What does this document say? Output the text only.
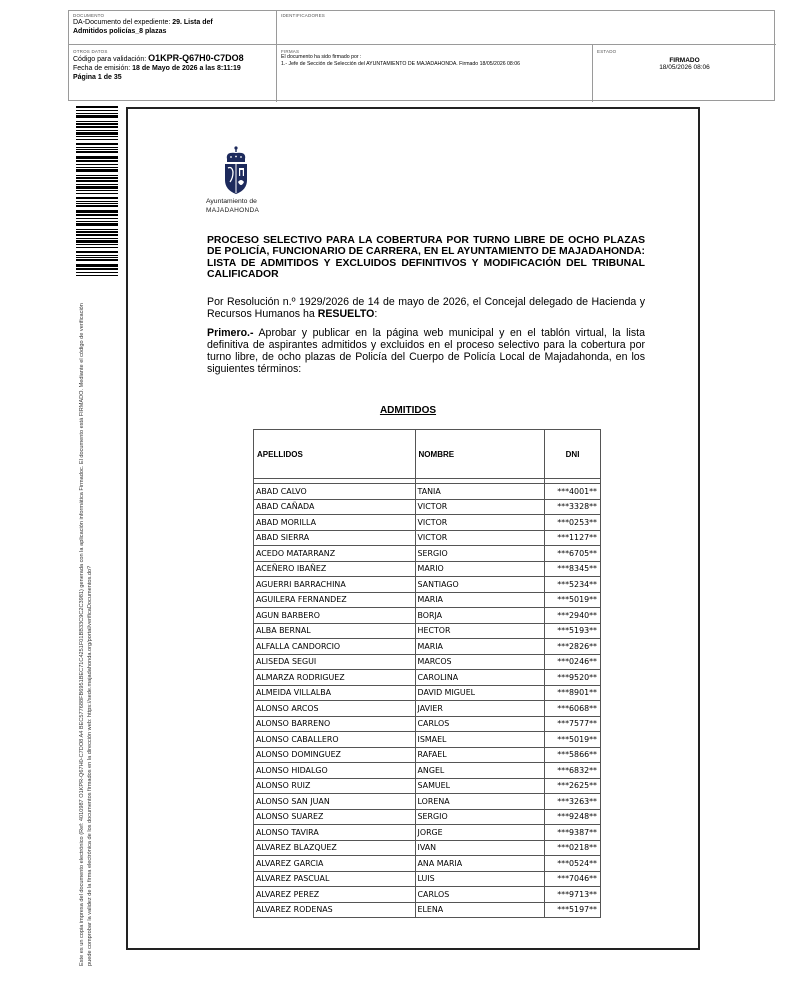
DOCUMENTO
DA-Documento del expediente: 29. Lista def
Admitidos policías_8 plazas
IDENTIFICADORES
OTROS DATOS
Código para validación: O1KPR-Q67H0-C7DO8
Fecha de emisión: 18 de Mayo de 2026 a las 8:11:19
Página 1 de 35
FIRMAS
El documento ha sido firmado por :
1.- Jefe de Sección de Selección del AYUNTAMIENTO DE MAJADAHONDA. Firmado 18/05/2026 08:06
ESTADO
FIRMADO
18/05/2026 08:06
Este es un copia impresa del documento electrónico (Ref: 4010987 O1KPR-Q67H0-C7DO8 A4 BEC577688FB6951BEC71C4251F01BB33C9C2C3981) generada con la aplicación informática Firmadoc. El documento está FIRMADO. Mediante el código de verificación puede comprobar la validez de la firma electrónica de los documentos firmados en la dirección web: https://sede.majadahonda.org/portal/verificaDocumentos.do?
Ayuntamiento de
MAJADAHONDA
PROCESO SELECTIVO PARA LA COBERTURA POR TURNO LIBRE DE OCHO PLAZAS DE POLICÍA, FUNCIONARIO DE CARRERA, EN EL AYUNTAMIENTO DE MAJADAHONDA: LISTA DE ADMITIDOS Y EXCLUIDOS DEFINITIVOS Y MODIFICACIÓN DEL TRIBUNAL CALIFICADOR
Por Resolución n.º 1929/2026 de 14 de mayo de 2026, el Concejal delegado de Hacienda y Recursos Humanos ha RESUELTO:
Primero.- Aprobar y publicar en la página web municipal y en el tablón virtual, la lista definitiva de aspirantes admitidos y excluidos en el proceso selectivo para la cobertura por turno libre, de ocho plazas de Policía del Cuerpo de Policía Local de Majadahonda, en los siguientes términos:
ADMITIDOS
APELLIDOS	NOMBRE	DNI

ABAD CALVO	TANIA	***4001**
ABAD CAÑADA	VICTOR	***3328**
ABAD MORILLA	VICTOR	***0253**
ABAD SIERRA	VICTOR	***1127**
ACEDO MATARRANZ	SERGIO	***6705**
ACEÑERO IBAÑEZ	MARIO	***8345**
AGUERRI BARRACHINA	SANTIAGO	***5234**
AGUILERA FERNANDEZ	MARIA	***5019**
AGUN BARBERO	BORJA	***2940**
ALBA BERNAL	HECTOR	***5193**
ALFALLA CANDORCIO	MARIA	***2826**
ALISEDA SEGUI	MARCOS	***0246**
ALMARZA RODRIGUEZ	CAROLINA	***9520**
ALMEIDA VILLALBA	DAVID MIGUEL	***8901**
ALONSO ARCOS	JAVIER	***6068**
ALONSO BARRENO	CARLOS	***7577**
ALONSO CABALLERO	ISMAEL	***5019**
ALONSO DOMINGUEZ	RAFAEL	***5866**
ALONSO HIDALGO	ANGEL	***6832**
ALONSO RUIZ	SAMUEL	***2625**
ALONSO SAN JUAN	LORENA	***3263**
ALONSO SUAREZ	SERGIO	***9248**
ALONSO TAVIRA	JORGE	***9387**
ALVAREZ BLAZQUEZ	IVAN	***0218**
ALVAREZ GARCIA	ANA MARIA	***0524**
ALVAREZ PASCUAL	LUIS	***7046**
ALVAREZ PEREZ	CARLOS	***9713**
ALVAREZ RODENAS	ELENA	***5197**
